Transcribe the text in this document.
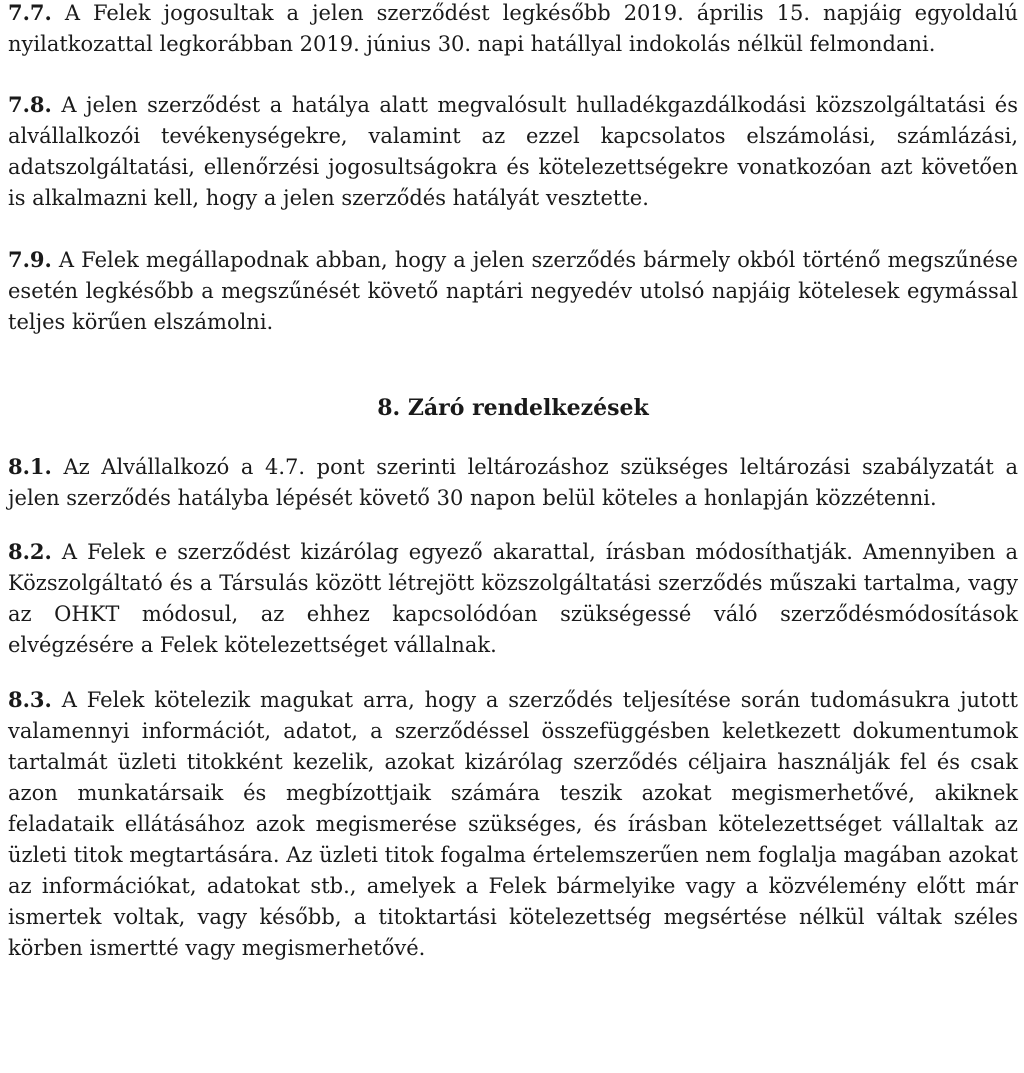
7.7. A Felek jogosultak a jelen szerződést legkésőbb 2019. április 15. napjáig egyoldalú nyilatkozattal legkorábban 2019. június 30. napi hatállyal indokolás nélkül felmondani.

7.8. A jelen szerződést a hatálya alatt megvalósult hulladékgazdálkodási közszolgáltatási és alvállalkozói tevékenységekre, valamint az ezzel kapcsolatos elszámolási, számlázási, adatszolgáltatási, ellenőrzési jogosultságokra és kötelezettségekre vonatkozóan azt követően is alkalmazni kell, hogy a jelen szerződés hatályát vesztette.

7.9. A Felek megállapodnak abban, hogy a jelen szerződés bármely okból történő megszűnése esetén legkésőbb a megszűnését követő naptári negyedév utolsó napjáig kötelesek egymással teljes körűen elszámolni.

8. Záró rendelkezések

8.1. Az Alvállalkozó a 4.7. pont szerinti leltározáshoz szükséges leltározási szabályzatát a jelen szerződés hatályba lépését követő 30 napon belül köteles a honlapján közzétenni.

8.2. A Felek e szerződést kizárólag egyező akarattal, írásban módosíthatják. Amennyiben a Közszolgáltató és a Társulás között létrejött közszolgáltatási szerződés műszaki tartalma, vagy az OHKT módosul, az ehhez kapcsolódóan szükségessé váló szerződésmódosítások elvégzésére a Felek kötelezettséget vállalnak.

8.3. A Felek kötelezik magukat arra, hogy a szerződés teljesítése során tudomásukra jutott valamennyi információt, adatot, a szerződéssel összefüggésben keletkezett dokumentumok tartalmát üzleti titokként kezelik, azokat kizárólag szerződés céljaira használják fel és csak azon munkatársaik és megbízottjaik számára teszik azokat megismerhetővé, akiknek feladataik ellátásához azok megismerése szükséges, és írásban kötelezettséget vállaltak az üzleti titok megtartására. Az üzleti titok fogalma értelemszerűen nem foglalja magában azokat az információkat, adatokat stb., amelyek a Felek bármelyike vagy a közvélemény előtt már ismertek voltak, vagy később, a titoktartási kötelezettség megsértése nélkül váltak széles körben ismertté vagy megismerhetővé.
